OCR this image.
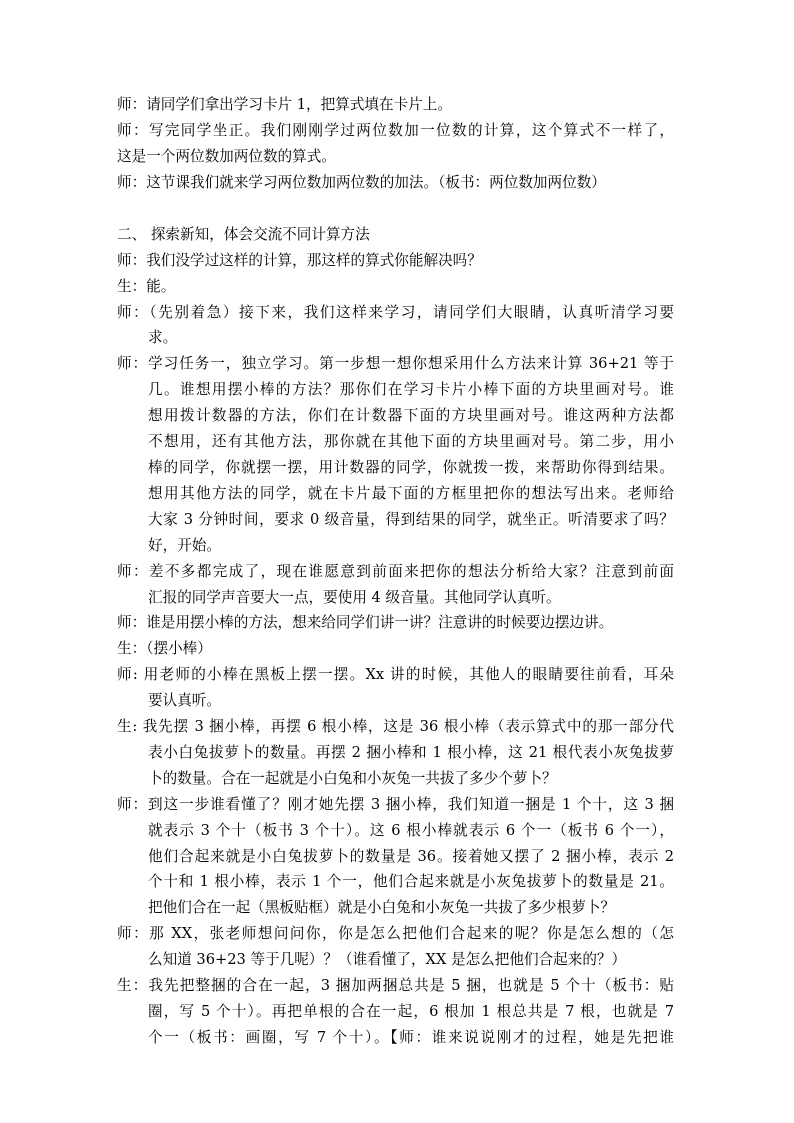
师：请同学们拿出学习卡片 1，把算式填在卡片上。
师：写完同学坐正。我们刚刚学过两位数加一位数的计算，这个算式不一样了，
这是一个两位数加两位数的算式。
师：这节课我们就来学习两位数加两位数的加法。（板书：两位数加两位数）
二、 探索新知，体会交流不同计算方法
师：我们没学过这样的计算，那这样的算式你能解决吗？
生：能。
师：（先别着急）接下来，我们这样来学习，请同学们大眼睛，认真听清学习要
求。
师：学习任务一，独立学习。第一步想一想你想采用什么方法来计算 36+21 等于
几。谁想用摆小棒的方法？那你们在学习卡片小棒下面的方块里画对号。谁
想用拨计数器的方法，你们在计数器下面的方块里画对号。谁这两种方法都
不想用，还有其他方法，那你就在其他下面的方块里画对号。第二步，用小
棒的同学，你就摆一摆，用计数器的同学，你就拨一拨，来帮助你得到结果。
想用其他方法的同学，就在卡片最下面的方框里把你的想法写出来。老师给
大家 3 分钟时间，要求 0 级音量，得到结果的同学，就坐正。听清要求了吗？
好，开始。
师：差不多都完成了，现在谁愿意到前面来把你的想法分析给大家？注意到前面
汇报的同学声音要大一点，要使用 4 级音量。其他同学认真听。
师：谁是用摆小棒的方法，想来给同学们讲一讲？注意讲的时候要边摆边讲。
生：（摆小棒）
师: 用老师的小棒在黑板上摆一摆。Xx 讲的时候，其他人的眼睛要往前看，耳朵
要认真听。
生: 我先摆 3 捆小棒，再摆 6 根小棒，这是 36 根小棒（表示算式中的那一部分代
表小白兔拔萝卜的数量。再摆 2 捆小棒和 1 根小棒，这 21 根代表小灰兔拔萝
卜的数量。合在一起就是小白兔和小灰兔一共拔了多少个萝卜？
师：到这一步谁看懂了？刚才她先摆 3 捆小棒，我们知道一捆是 1 个十，这 3 捆
就表示 3 个十（板书 3 个十）。这 6 根小棒就表示 6 个一（板书 6 个一），
他们合起来就是小白兔拔萝卜的数量是 36。接着她又摆了 2 捆小棒，表示 2
个十和 1 根小棒，表示 1 个一，他们合起来就是小灰兔拔萝卜的数量是 21。
把他们合在一起（黑板贴框）就是小白兔和小灰兔一共拔了多少根萝卜？
师：那 XX，张老师想问问你，你是怎么把他们合起来的呢？你是怎么想的（怎
么知道 36+23 等于几呢）？（谁看懂了，XX 是怎么把他们合起来的？）
生：我先把整捆的合在一起，3 捆加两捆总共是 5 捆，也就是 5 个十（板书：贴
圈，写 5 个十）。再把单根的合在一起，6 根加 1 根总共是 7 根，也就是 7
个一（板书：画圈，写 7 个十）。【师：谁来说说刚才的过程，她是先把谁
